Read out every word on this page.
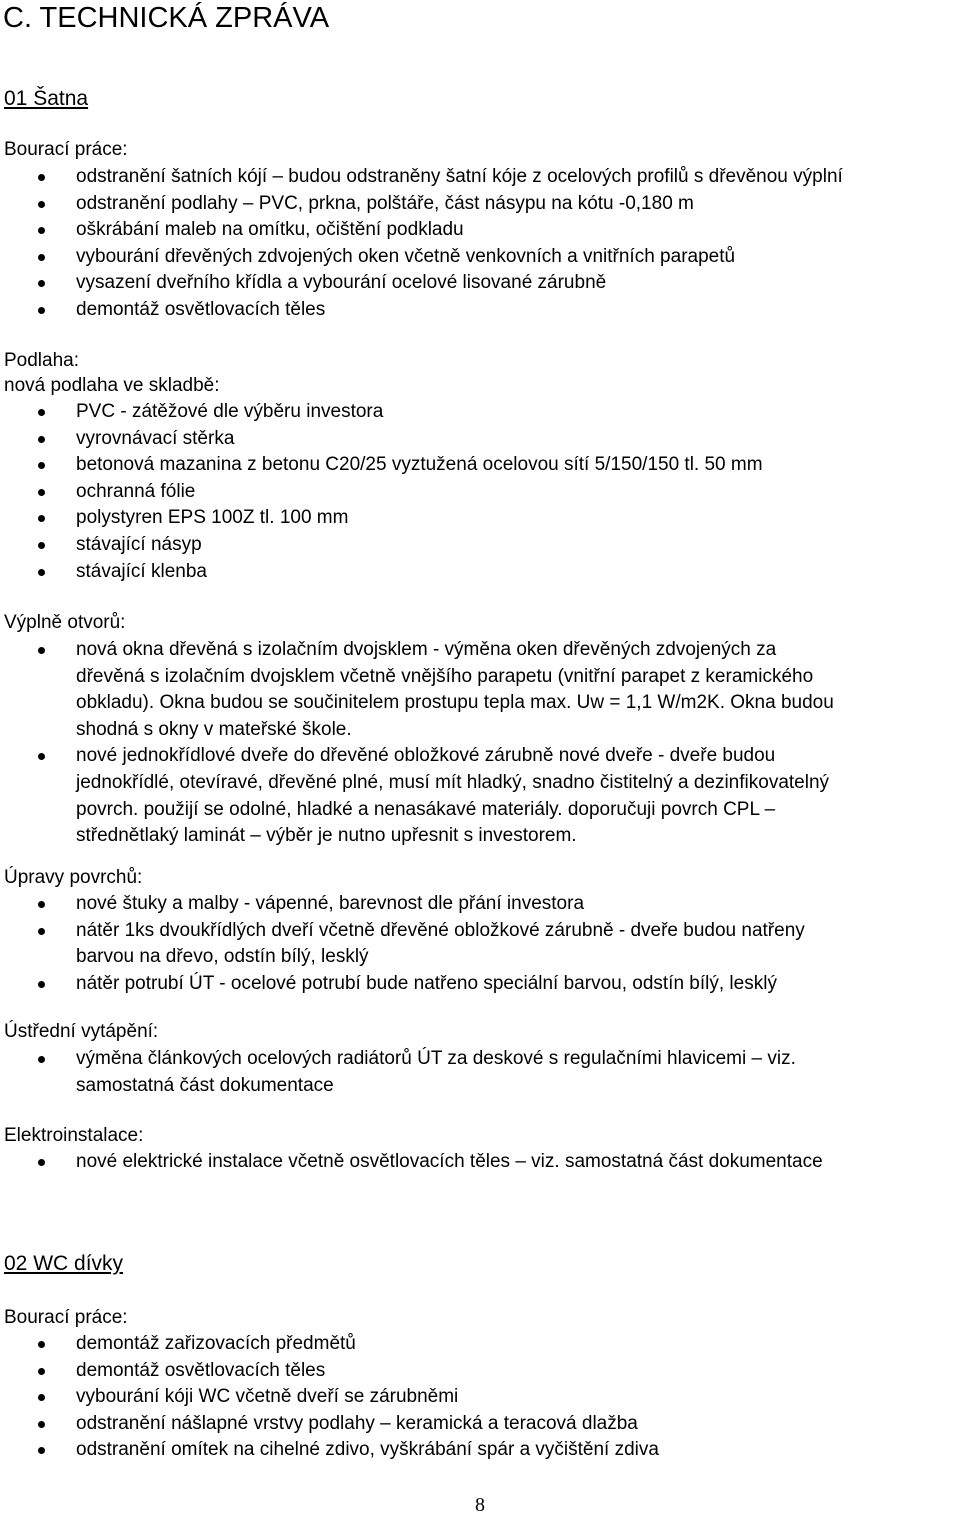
C. TECHNICKÁ ZPRÁVA
01 Šatna
Bourací práce:
odstranění šatních kójí – budou odstraněny šatní kóje z ocelových profilů s dřevěnou výplní
odstranění podlahy – PVC, prkna, polštáře, část násypu na kótu -0,180 m
oškrábání maleb na omítku, očištění podkladu
vybourání dřevěných zdvojených oken včetně venkovních a vnitřních parapetů
vysazení dveřního křídla a vybourání ocelové lisované zárubně
demontáž osvětlovacích těles
Podlaha:
nová podlaha ve skladbě:
PVC - zátěžové dle výběru investora
vyrovnávací stěrka
betonová mazanina z betonu C20/25 vyztužená ocelovou sítí 5/150/150 tl. 50 mm
ochranná fólie
polystyren EPS 100Z tl. 100 mm
stávající násyp
stávající klenba
Výplně otvorů:
nová okna dřevěná s izolačním dvojsklem - výměna oken dřevěných zdvojených za
dřevěná s izolačním dvojsklem včetně vnějšího parapetu (vnitřní parapet z keramického
obkladu). Okna budou se součinitelem prostupu tepla max. Uw = 1,1 W/m2K. Okna budou
shodná s okny v mateřské škole.
nové jednokřídlové dveře do dřevěné obložkové zárubně nové dveře - dveře budou
jednokřídlé, otevíravé, dřevěné plné, musí mít hladký, snadno čistitelný a dezinfikovatelný
povrch. použijí se odolné, hladké a nenasákavé materiály. doporučuji povrch CPL –
střednětlaký laminát – výběr je nutno upřesnit s investorem.
Úpravy povrchů:
nové štuky a malby - vápenné, barevnost dle přání investora
nátěr 1ks dvoukřídlých dveří včetně dřevěné obložkové zárubně - dveře budou natřeny
barvou na dřevo, odstín bílý, lesklý
nátěr potrubí ÚT - ocelové potrubí bude natřeno speciální barvou, odstín bílý, lesklý
Ústřední vytápění:
výměna článkových ocelových radiátorů ÚT za deskové s regulačními hlavicemi – viz.
samostatná část dokumentace
Elektroinstalace:
nové elektrické instalace včetně osvětlovacích těles – viz. samostatná část dokumentace
02 WC dívky
Bourací práce:
demontáž zařizovacích předmětů
demontáž osvětlovacích těles
vybourání kóji WC včetně dveří se zárubněmi
odstranění nášlapné vrstvy podlahy – keramická a teracová dlažba
odstranění omítek na cihelné zdivo, vyškrábání spár a vyčištění zdiva
8
